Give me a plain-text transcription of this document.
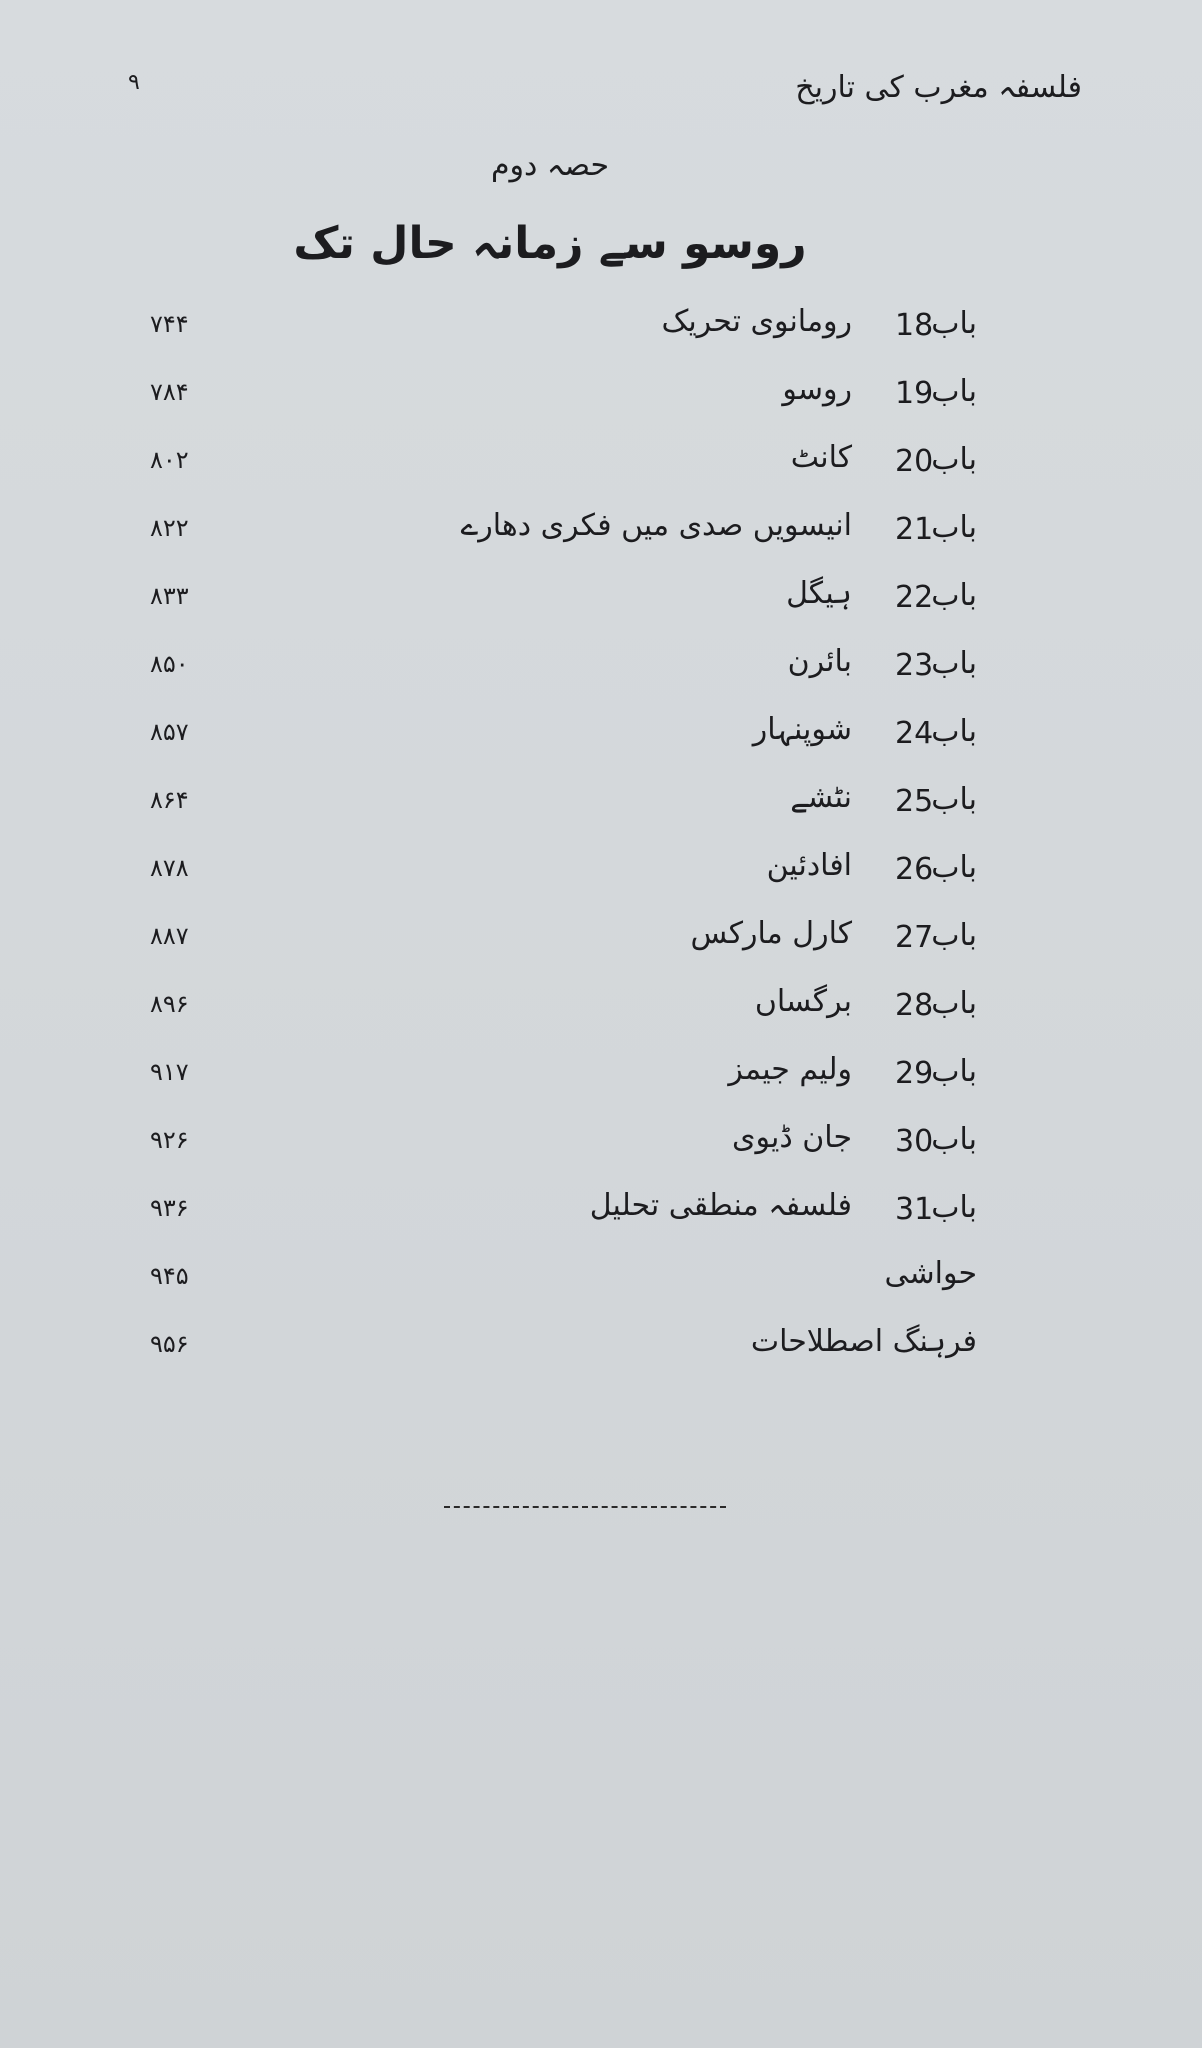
فلسفہ مغرب کی تاریخ
۹
حصہ دوم
روسو سے زمانہ حال تک
باب
18
رومانوی تحریک
۷۴۴
باب
19
روسو
۷۸۴
باب
20
کانٹ
۸۰۲
باب
21
انیسویں صدی میں فکری دھارے
۸۲۲
باب
22
ہیگل
۸۳۳
باب
23
بائرن
۸۵۰
باب
24
شوپنہار
۸۵۷
باب
25
نٹشے
۸۶۴
باب
26
افادئین
۸۷۸
باب
27
کارل مارکس
۸۸۷
باب
28
برگساں
۸۹۶
باب
29
ولیم جیمز
۹۱۷
باب
30
جان ڈیوی
۹۲۶
باب
31
فلسفہ منطقی تحلیل
۹۳۶
حواشی
۹۴۵
فرہنگ اصطلاحات
۹۵۶
